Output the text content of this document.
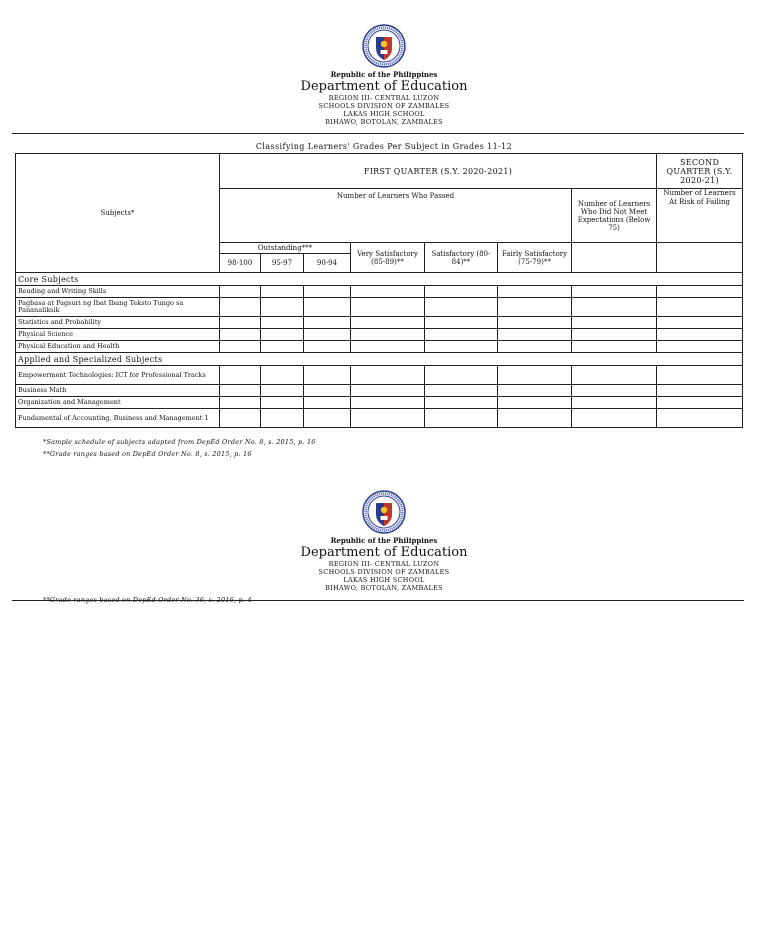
Republic of the Philippines
Department of Education
REGION III- CENTRAL LUZON
SCHOOLS DIVISION OF ZAMBALES
LAKAS HIGH SCHOOL
BIHAWO, BOTOLAN, ZAMBALES
Classifying Learners' Grades Per Subject in Grades 11-12
Subjects*	FIRST QUARTER (S.Y. 2020-2021)							SECOND QUARTER (S.Y. 2020-21)
	Number of Learners Who Passed						Number of Learners Who Did Not Meet Expectations (Below 75)	Number of Learners At Risk of Failing
	Outstanding***			Very Satisfactory (85-89)**	Satisfactory (80-84)**	Fairly Satisfactory (75-79)**		
	98-100	95-97	90-94					
Core Subjects								
Reading and Writing Skills								
Pagbasa at Pagsuri ng Ibat Ibang Teksto Tungo sa Pananaliksik								
Statistics and Probability								
Physical Science								
Physical Education and Health								
Applied and Specialized Subjects								
Empowerment Technologies: ICT for Professional Tracks								
Business Math								
Organization and Management								
Fundamental of Accounting, Business and Management 1								
*Sample schedule of subjects adapted from DepEd Order No. 8, s. 2015, p. 16
**Grade ranges based on DepEd Order No. 8, s. 2015, p. 16
Republic of the Philippines
Department of Education
REGION III- CENTRAL LUZON
SCHOOLS DIVISION OF ZAMBALES
LAKAS HIGH SCHOOL
BIHAWO, BOTOLAN, ZAMBALES
**Grade ranges based on DepEd Order No. 36, s. 2016, p. 4
